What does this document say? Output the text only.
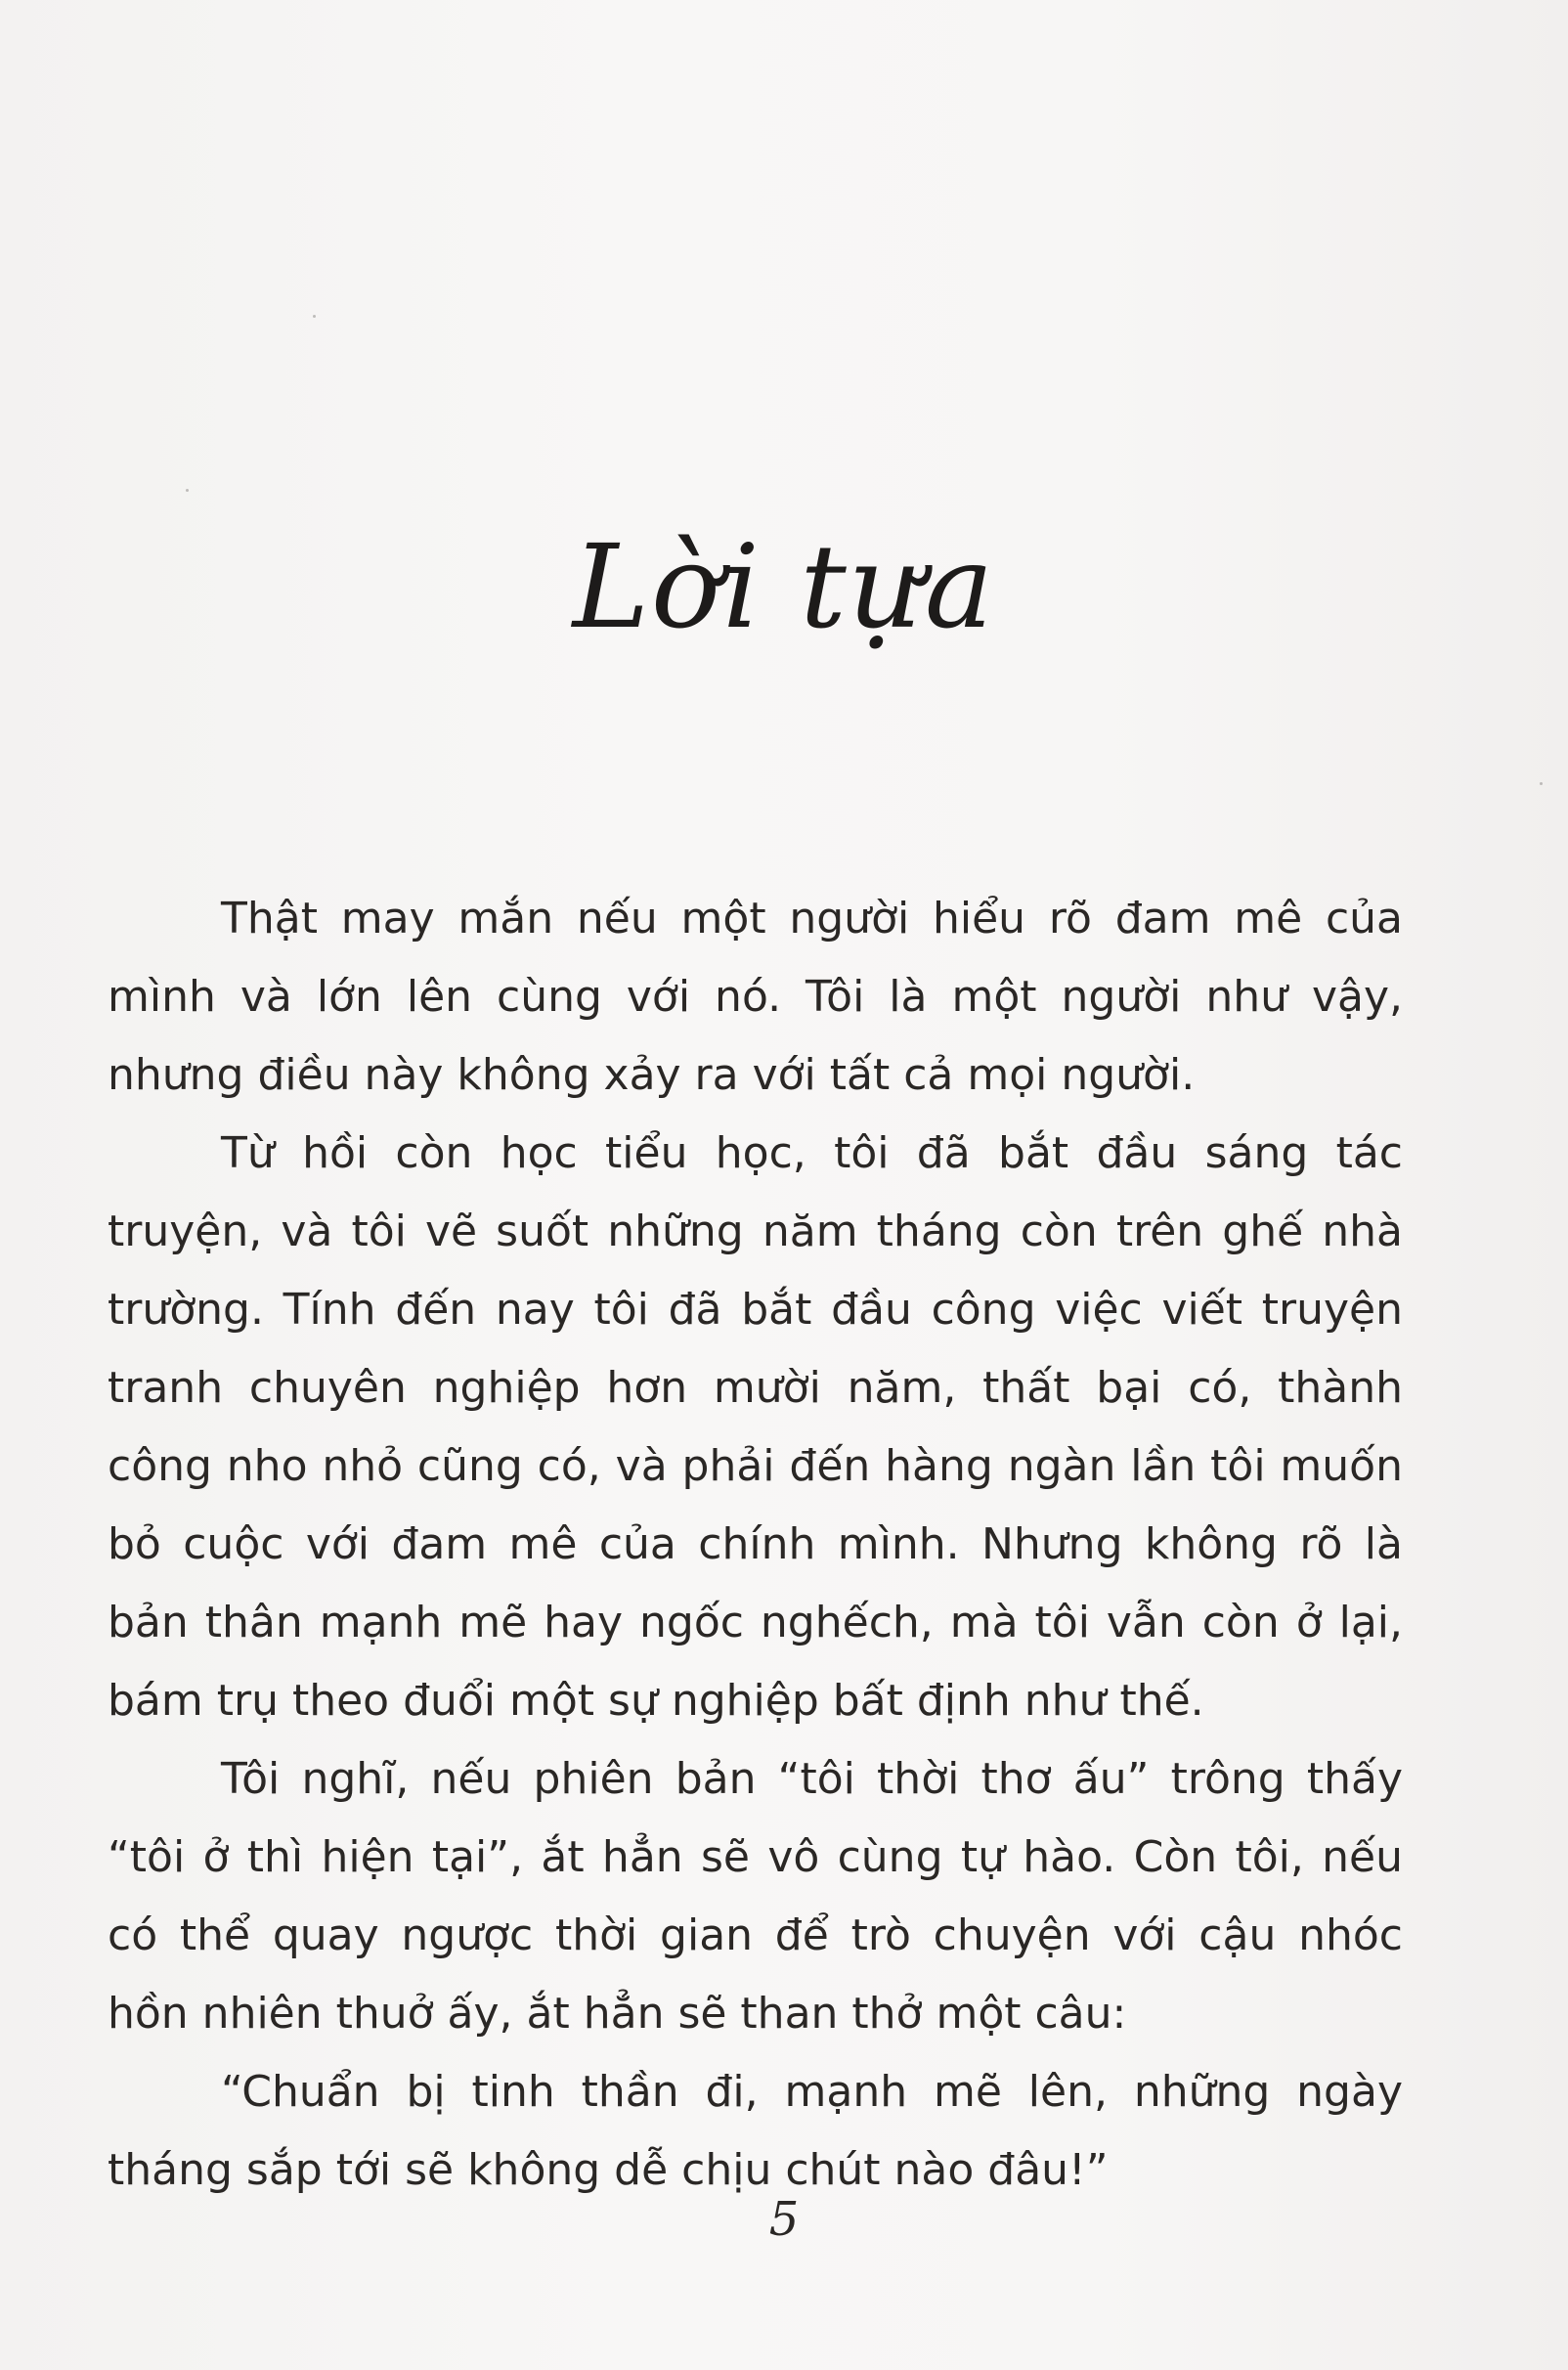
Lời tựa

Thật may mắn nếu một người hiểu rõ đam mê của mình và lớn lên cùng với nó. Tôi là một người như vậy, nhưng điều này không xảy ra với tất cả mọi người.

Từ hồi còn học tiểu học, tôi đã bắt đầu sáng tác truyện, và tôi vẽ suốt những năm tháng còn trên ghế nhà trường. Tính đến nay tôi đã bắt đầu công việc viết truyện tranh chuyên nghiệp hơn mười năm, thất bại có, thành công nho nhỏ cũng có, và phải đến hàng ngàn lần tôi muốn bỏ cuộc với đam mê của chính mình. Nhưng không rõ là bản thân mạnh mẽ hay ngốc nghếch, mà tôi vẫn còn ở lại, bám trụ theo đuổi một sự nghiệp bất định như thế.

Tôi nghĩ, nếu phiên bản “tôi thời thơ ấu” trông thấy “tôi ở thì hiện tại”, ắt hẳn sẽ vô cùng tự hào. Còn tôi, nếu có thể quay ngược thời gian để trò chuyện với cậu nhóc hồn nhiên thuở ấy, ắt hẳn sẽ than thở một câu:

“Chuẩn bị tinh thần đi, mạnh mẽ lên, những ngày tháng sắp tới sẽ không dễ chịu chút nào đâu!”

5
